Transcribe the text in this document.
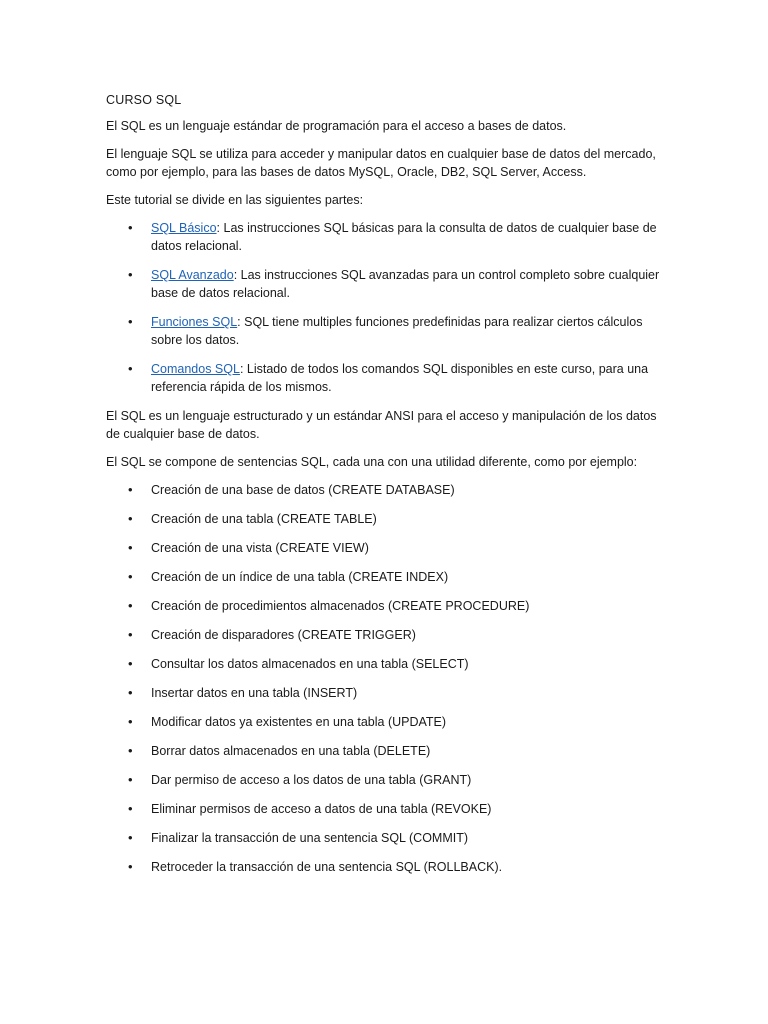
CURSO SQL

El SQL es un lenguaje estándar de programación para el acceso a bases de datos.

El lenguaje SQL se utiliza para acceder y manipular datos en cualquier base de datos del mercado, como por ejemplo, para las bases de datos MySQL, Oracle, DB2, SQL Server, Access.

Este tutorial se divide en las siguientes partes:

• SQL Básico: Las instrucciones SQL básicas para la consulta de datos de cualquier base de datos relacional.
• SQL Avanzado: Las instrucciones SQL avanzadas para un control completo sobre cualquier base de datos relacional.
• Funciones SQL: SQL tiene multiples funciones predefinidas para realizar ciertos cálculos sobre los datos.
• Comandos SQL: Listado de todos los comandos SQL disponibles en este curso, para una referencia rápida de los mismos.

El SQL es un lenguaje estructurado y un estándar ANSI para el acceso y manipulación de los datos de cualquier base de datos.

El SQL se compone de sentencias SQL, cada una con una utilidad diferente, como por ejemplo:

• Creación de una base de datos (CREATE DATABASE)
• Creación de una tabla (CREATE TABLE)
• Creación de una vista (CREATE VIEW)
• Creación de un índice de una tabla (CREATE INDEX)
• Creación de procedimientos almacenados (CREATE PROCEDURE)
• Creación de disparadores (CREATE TRIGGER)
• Consultar los datos almacenados en una tabla (SELECT)
• Insertar datos en una tabla (INSERT)
• Modificar datos ya existentes en una tabla (UPDATE)
• Borrar datos almacenados en una tabla (DELETE)
• Dar permiso de acceso a los datos de una tabla (GRANT)
• Eliminar permisos de acceso a datos de una tabla (REVOKE)
• Finalizar la transacción de una sentencia SQL (COMMIT)
• Retroceder la transacción de una sentencia SQL (ROLLBACK).
